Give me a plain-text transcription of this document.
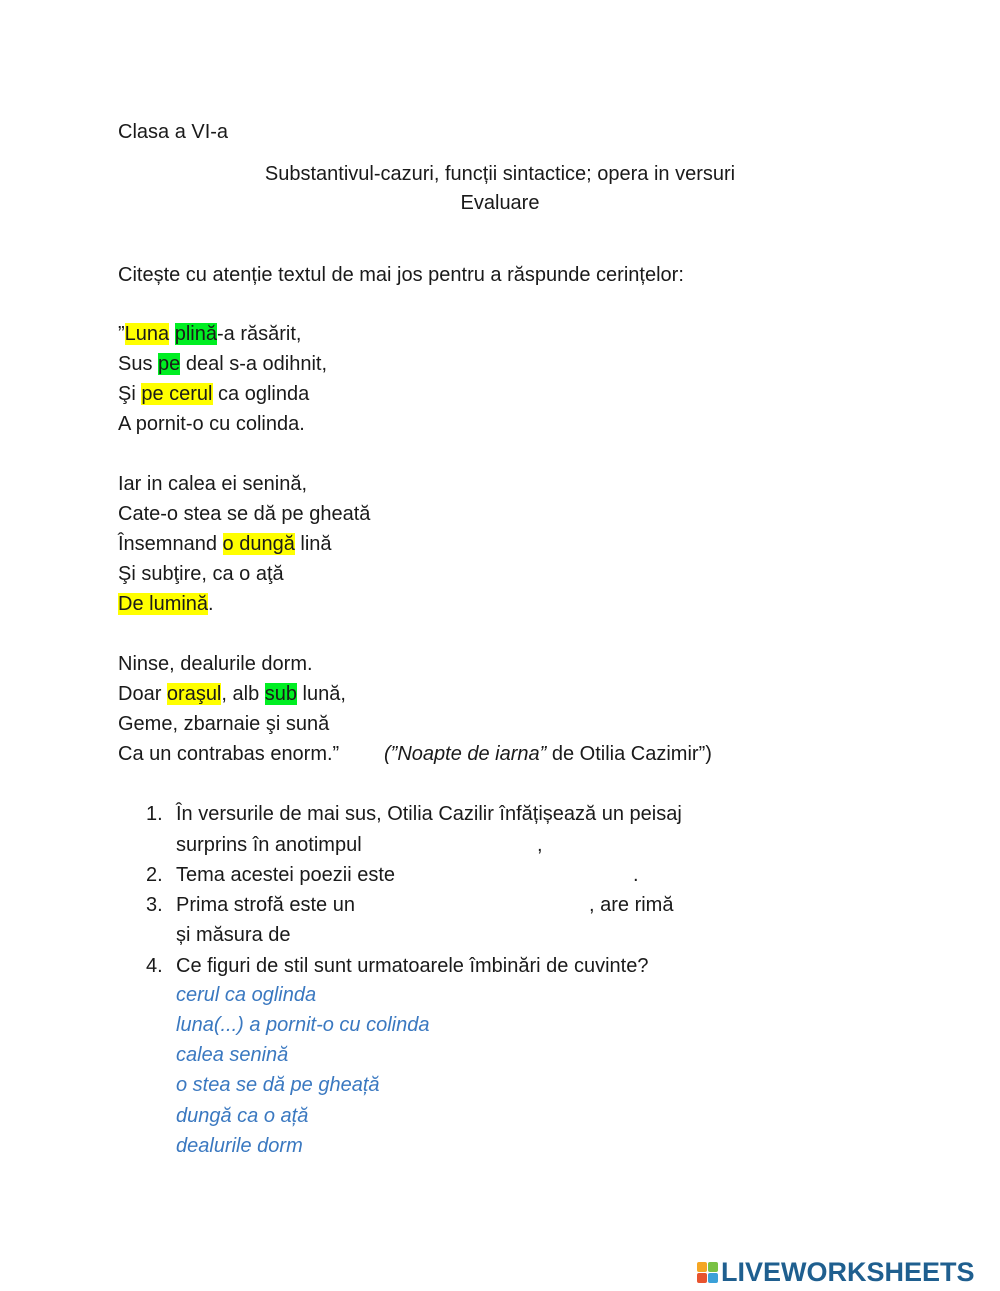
Clasa a VI-a
Substantivul-cazuri, funcții sintactice; opera in versuri
Evaluare
Citește cu atenție textul de mai jos pentru a răspunde cerințelor:
”Luna plină-a răsărit,
Sus pe deal s-a odihnit,
Şi pe cerul ca oglinda
A pornit-o cu colinda.
Iar in calea ei senină,
Cate-o stea se dă pe gheată
Însemnand o dungă lină
Şi subţire, ca o aţă
De lumină.
Ninse, dealurile dorm.
Doar oraşul, alb sub lună,
Geme, zbarnaie şi sună
Ca un contrabas enorm.” (”Noapte de iarna” de Otilia Cazimir”)
1. În versurile de mai sus, Otilia Cazilir înfățișează un peisaj
surprins în anotimpul	,
2. Tema acestei poezii este	.
3. Prima strofă este un	, are rimă
și măsura de
4. Ce figuri de stil sunt urmatoarele îmbinări de cuvinte?
cerul ca oglinda
luna(...) a pornit-o cu colinda
calea senină
o stea se dă pe gheață
dungă ca o ață
dealurile dorm
LIVEWORKSHEETS
